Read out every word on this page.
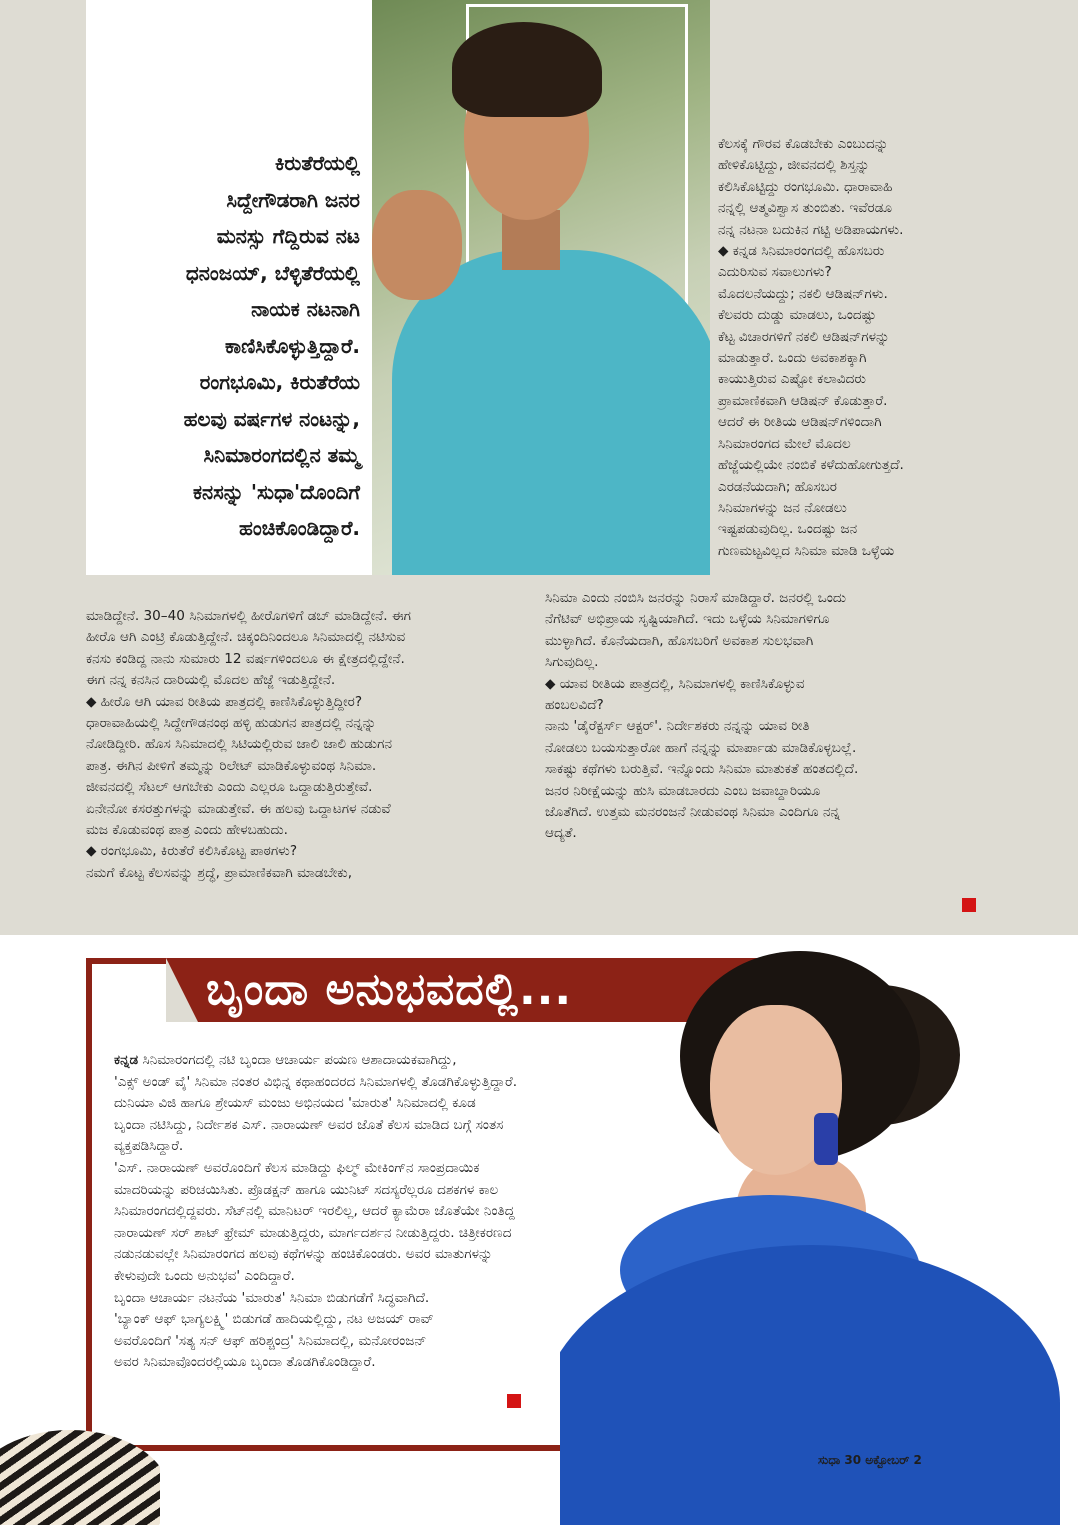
ಕಿರುತೆರೆಯಲ್ಲಿ
ಸಿದ್ದೇಗೌಡರಾಗಿ ಜನರ
ಮನಸ್ಸು ಗೆದ್ದಿರುವ ನಟ
ಧನಂಜಯ್, ಬೆಳ್ಳಿತೆರೆಯಲ್ಲಿ
ನಾಯಕ ನಟನಾಗಿ
ಕಾಣಿಸಿಕೊಳ್ಳುತ್ತಿದ್ದಾರೆ.
ರಂಗಭೂಮಿ, ಕಿರುತೆರೆಯ
ಹಲವು ವರ್ಷಗಳ ನಂಟನ್ನು,
ಸಿನಿಮಾರಂಗದಲ್ಲಿನ ತಮ್ಮ
ಕನಸನ್ನು 'ಸುಧಾ'ದೊಂದಿಗೆ
ಹಂಚಿಕೊಂಡಿದ್ದಾರೆ.
ಕೆಲಸಕ್ಕೆ ಗೌರವ ಕೊಡಬೇಕು ಎಂಬುದನ್ನು
ಹೇಳಿಕೊಟ್ಟಿದ್ದು, ಜೀವನದಲ್ಲಿ ಶಿಸ್ತನ್ನು
ಕಲಿಸಿಕೊಟ್ಟಿದ್ದು ರಂಗಭೂಮಿ. ಧಾರಾವಾಹಿ
ನನ್ನಲ್ಲಿ ಆತ್ಮವಿಶ್ವಾಸ ತುಂಬಿತು. ಇವೆರಡೂ
ನನ್ನ ನಟನಾ ಬದುಕಿನ ಗಟ್ಟಿ ಅಡಿಪಾಯಗಳು.
◆ ಕನ್ನಡ ಸಿನಿಮಾರಂಗದಲ್ಲಿ ಹೊಸಬರು
ಎದುರಿಸುವ ಸವಾಲುಗಳು?
ಮೊದಲನೆಯದ್ದು; ನಕಲಿ ಆಡಿಷನ್‌ಗಳು.
ಕೆಲವರು ದುಡ್ಡು ಮಾಡಲು, ಒಂದಷ್ಟು
ಕೆಟ್ಟ ವಿಚಾರಗಳಿಗೆ ನಕಲಿ ಆಡಿಷನ್‌ಗಳನ್ನು
ಮಾಡುತ್ತಾರೆ. ಒಂದು ಅವಕಾಶಕ್ಕಾಗಿ
ಕಾಯುತ್ತಿರುವ ಎಷ್ಟೋ ಕಲಾವಿದರು
ಪ್ರಾಮಾಣಿಕವಾಗಿ ಆಡಿಷನ್ ಕೊಡುತ್ತಾರೆ.
ಆದರೆ ಈ ರೀತಿಯ ಆಡಿಷನ್‌ಗಳಿಂದಾಗಿ
ಸಿನಿಮಾರಂಗದ ಮೇಲೆ ಮೊದಲ
ಹೆಜ್ಜೆಯಲ್ಲಿಯೇ ನಂಬಿಕೆ ಕಳೆದುಹೋಗುತ್ತದೆ.
ಎರಡನೆಯದಾಗಿ; ಹೊಸಬರ
ಸಿನಿಮಾಗಳನ್ನು ಜನ ನೋಡಲು
ಇಷ್ಟಪಡುವುದಿಲ್ಲ. ಒಂದಷ್ಟು ಜನ
ಗುಣಮಟ್ಟವಿಲ್ಲದ ಸಿನಿಮಾ ಮಾಡಿ ಒಳ್ಳೆಯ
ಮಾಡಿದ್ದೇನೆ. 30–40 ಸಿನಿಮಾಗಳಲ್ಲಿ ಹೀರೊಗಳಿಗೆ ಡಬ್ ಮಾಡಿದ್ದೇನೆ. ಈಗ
ಹೀರೊ ಆಗಿ ಎಂಟ್ರಿ ಕೊಡುತ್ತಿದ್ದೇನೆ. ಚಿಕ್ಕಂದಿನಿಂದಲೂ ಸಿನಿಮಾದಲ್ಲಿ ನಟಿಸುವ
ಕನಸು ಕಂಡಿದ್ದ ನಾನು ಸುಮಾರು 12 ವರ್ಷಗಳಿಂದಲೂ ಈ ಕ್ಷೇತ್ರದಲ್ಲಿದ್ದೇನೆ.
ಈಗ ನನ್ನ ಕನಸಿನ ದಾರಿಯಲ್ಲಿ ಮೊದಲ ಹೆಜ್ಜೆ ಇಡುತ್ತಿದ್ದೇನೆ.
◆ ಹೀರೊ ಆಗಿ ಯಾವ ರೀತಿಯ ಪಾತ್ರದಲ್ಲಿ ಕಾಣಿಸಿಕೊಳ್ಳುತ್ತಿದ್ದೀರ?
ಧಾರಾವಾಹಿಯಲ್ಲಿ ಸಿದ್ದೇಗೌಡನಂಥ ಹಳ್ಳಿ ಹುಡುಗನ ಪಾತ್ರದಲ್ಲಿ ನನ್ನನ್ನು
ನೋಡಿದ್ದೀರಿ. ಹೊಸ ಸಿನಿಮಾದಲ್ಲಿ ಸಿಟಿಯಲ್ಲಿರುವ ಜಾಲಿ ಜಾಲಿ ಹುಡುಗನ
ಪಾತ್ರ. ಈಗಿನ ಪೀಳಿಗೆ ತಮ್ಮನ್ನು ರಿಲೇಟ್ ಮಾಡಿಕೊಳ್ಳುವಂಥ ಸಿನಿಮಾ.
ಜೀವನದಲ್ಲಿ ಸೆಟಲ್ ಆಗಬೇಕು ಎಂದು ಎಲ್ಲರೂ ಒದ್ದಾಡುತ್ತಿರುತ್ತೇವೆ.
ಏನೇನೋ ಕಸರತ್ತುಗಳನ್ನು ಮಾಡುತ್ತೇವೆ. ಈ ಹಲವು ಒದ್ದಾಟಗಳ ನಡುವೆ
ಮಜ ಕೊಡುವಂಥ ಪಾತ್ರ ಎಂದು ಹೇಳಬಹುದು.
◆ ರಂಗಭೂಮಿ, ಕಿರುತೆರೆ ಕಲಿಸಿಕೊಟ್ಟ ಪಾಠಗಳು?
ನಮಗೆ ಕೊಟ್ಟ ಕೆಲಸವನ್ನು ಶ್ರದ್ಧೆ, ಪ್ರಾಮಾಣಿಕವಾಗಿ ಮಾಡಬೇಕು,
ಸಿನಿಮಾ ಎಂದು ನಂಬಿಸಿ ಜನರನ್ನು ನಿರಾಸೆ ಮಾಡಿದ್ದಾರೆ. ಜನರಲ್ಲಿ ಒಂದು
ನೆಗೆಟಿವ್ ಅಭಿಪ್ರಾಯ ಸೃಷ್ಟಿಯಾಗಿದೆ. ಇದು ಒಳ್ಳೆಯ ಸಿನಿಮಾಗಳಿಗೂ
ಮುಳ್ಳಾಗಿದೆ. ಕೊನೆಯದಾಗಿ, ಹೊಸಬರಿಗೆ ಅವಕಾಶ ಸುಲಭವಾಗಿ
ಸಿಗುವುದಿಲ್ಲ.
◆ ಯಾವ ರೀತಿಯ ಪಾತ್ರದಲ್ಲಿ, ಸಿನಿಮಾಗಳಲ್ಲಿ ಕಾಣಿಸಿಕೊಳ್ಳುವ
ಹಂಬಲವಿದೆ?
ನಾನು 'ಡೈರೆಕ್ಟರ್ಸ್ ಆಕ್ಟರ್'. ನಿರ್ದೇಶಕರು ನನ್ನನ್ನು ಯಾವ ರೀತಿ
ನೋಡಲು ಬಯಸುತ್ತಾರೋ ಹಾಗೆ ನನ್ನನ್ನು ಮಾರ್ಪಾಡು ಮಾಡಿಕೊಳ್ಳಬಲ್ಲೆ.
ಸಾಕಷ್ಟು ಕಥೆಗಳು ಬರುತ್ತಿವೆ. ಇನ್ನೊಂದು ಸಿನಿಮಾ ಮಾತುಕತೆ ಹಂತದಲ್ಲಿದೆ.
ಜನರ ನಿರೀಕ್ಷೆಯನ್ನು ಹುಸಿ ಮಾಡಬಾರದು ಎಂಬ ಜವಾಬ್ದಾರಿಯೂ
ಜೊತೆಗಿದೆ. ಉತ್ತಮ ಮನರಂಜನೆ ನೀಡುವಂಥ ಸಿನಿಮಾ ಎಂದಿಗೂ ನನ್ನ
ಆದ್ಯತೆ.
ಬೃಂದಾ ಅನುಭವದಲ್ಲಿ...
ಕನ್ನಡ ಸಿನಿಮಾರಂಗದಲ್ಲಿ ನಟಿ ಬೃಂದಾ ಆಚಾರ್ಯ ಪಯಣ ಆಶಾದಾಯಕವಾಗಿದ್ದು,
'ಎಕ್ಸ್ ಅಂಡ್ ವೈ' ಸಿನಿಮಾ ನಂತರ ವಿಭಿನ್ನ ಕಥಾಹಂದರದ ಸಿನಿಮಾಗಳಲ್ಲಿ ತೊಡಗಿಕೊಳ್ಳುತ್ತಿದ್ದಾರೆ.
ದುನಿಯಾ ವಿಜಿ ಹಾಗೂ ಶ್ರೇಯಸ್ ಮಂಜು ಅಭಿನಯದ 'ಮಾರುತ' ಸಿನಿಮಾದಲ್ಲಿ ಕೂಡ
ಬೃಂದಾ ನಟಿಸಿದ್ದು, ನಿರ್ದೇಶಕ ಎಸ್. ನಾರಾಯಣ್ ಅವರ ಜೊತೆ ಕೆಲಸ ಮಾಡಿದ ಬಗ್ಗೆ ಸಂತಸ
ವ್ಯಕ್ತಪಡಿಸಿದ್ದಾರೆ.
'ಎಸ್. ನಾರಾಯಣ್ ಅವರೊಂದಿಗೆ ಕೆಲಸ ಮಾಡಿದ್ದು ಫಿಲ್ಮ್ ಮೇಕಿಂಗ್‌ನ ಸಾಂಪ್ರದಾಯಿಕ
ಮಾದರಿಯನ್ನು ಪರಿಚಯಿಸಿತು. ಪ್ರೊಡಕ್ಷನ್ ಹಾಗೂ ಯುನಿಟ್ ಸದಸ್ಯರೆಲ್ಲರೂ ದಶಕಗಳ ಕಾಲ
ಸಿನಿಮಾರಂಗದಲ್ಲಿದ್ದವರು. ಸೆಟ್‌ನಲ್ಲಿ ಮಾನಿಟರ್ ಇರಲಿಲ್ಲ, ಆದರೆ ಕ್ಯಾಮೆರಾ ಜೊತೆಯೇ ನಿಂತಿದ್ದ
ನಾರಾಯಣ್ ಸರ್ ಶಾಟ್ ಫ್ರೇಮ್ ಮಾಡುತ್ತಿದ್ದರು, ಮಾರ್ಗದರ್ಶನ ನೀಡುತ್ತಿದ್ದರು. ಚಿತ್ರೀಕರಣದ
ನಡುನಡುವಲ್ಲೇ ಸಿನಿಮಾರಂಗದ ಹಲವು ಕಥೆಗಳನ್ನು ಹಂಚಿಕೊಂಡರು. ಅವರ ಮಾತುಗಳನ್ನು
ಕೇಳುವುದೇ ಒಂದು ಅನುಭವ' ಎಂದಿದ್ದಾರೆ.
ಬೃಂದಾ ಆಚಾರ್ಯ ನಟನೆಯ 'ಮಾರುತ' ಸಿನಿಮಾ ಬಿಡುಗಡೆಗೆ ಸಿದ್ಧವಾಗಿದೆ.
'ಬ್ಯಾಂಕ್ ಆಫ್ ಭಾಗ್ಯಲಕ್ಷ್ಮಿ' ಬಿಡುಗಡೆ ಹಾದಿಯಲ್ಲಿದ್ದು, ನಟ ಅಜಯ್ ರಾವ್
ಅವರೊಂದಿಗೆ 'ಸತ್ಯ ಸನ್ ಆಫ್ ಹರಿಶ್ಚಂದ್ರ' ಸಿನಿಮಾದಲ್ಲಿ, ಮನೋರಂಜನ್
ಅವರ ಸಿನಿಮಾವೊಂದರಲ್ಲಿಯೂ ಬೃಂದಾ ತೊಡಗಿಕೊಂಡಿದ್ದಾರೆ.
ಸುಧಾ 30 ಅಕ್ಟೋಬರ್ 2
